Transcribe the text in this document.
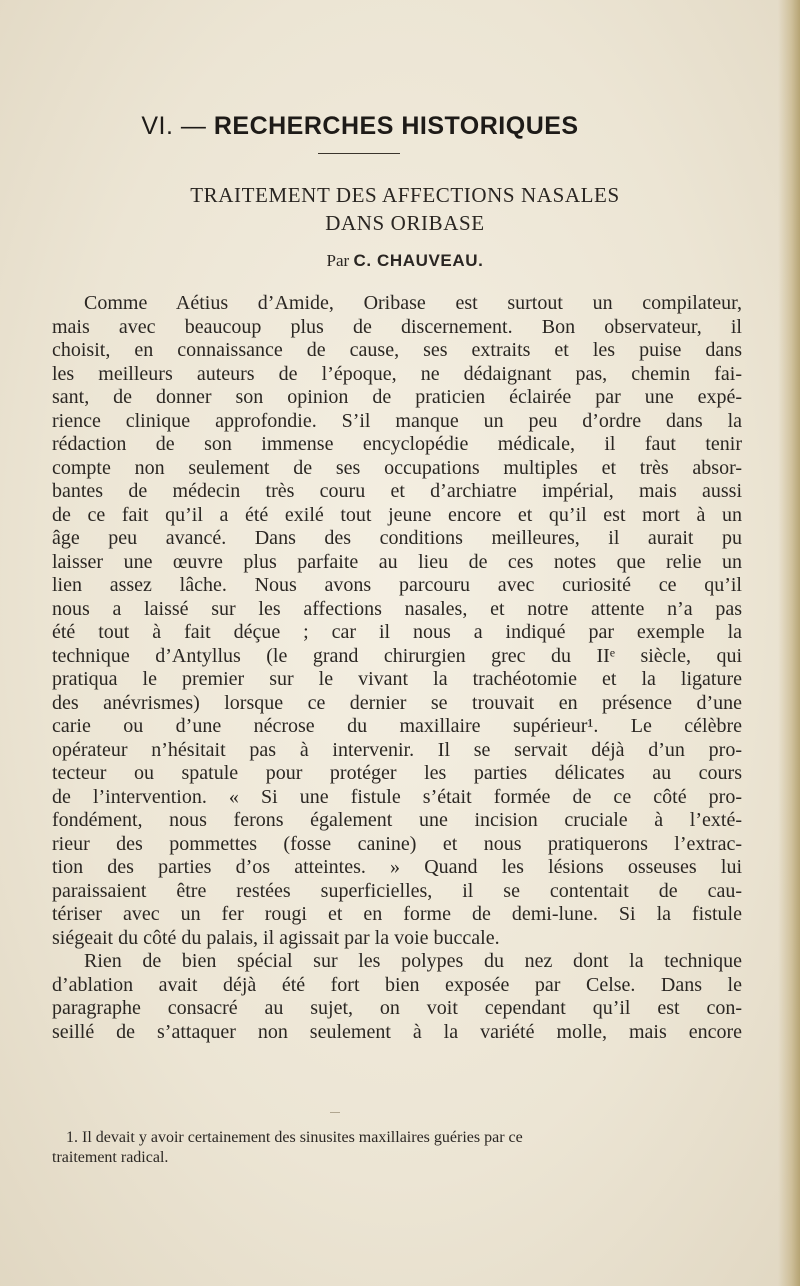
VI. — RECHERCHES HISTORIQUES
TRAITEMENT DES AFFECTIONS NASALES
DANS ORIBASE
Par C. CHAUVEAU.
Comme Aétius d’Amide, Oribase est surtout un compilateur,
mais avec beaucoup plus de discernement. Bon observateur, il
choisit, en connaissance de cause, ses extraits et les puise dans
les meilleurs auteurs de l’époque, ne dédaignant pas, chemin fai-
sant, de donner son opinion de praticien éclairée par une expé-
rience clinique approfondie. S’il manque un peu d’ordre dans la
rédaction de son immense encyclopédie médicale, il faut tenir
compte non seulement de ses occupations multiples et très absor-
bantes de médecin très couru et d’archiatre impérial, mais aussi
de ce fait qu’il a été exilé tout jeune encore et qu’il est mort à un
âge peu avancé. Dans des conditions meilleures, il aurait pu
laisser une œuvre plus parfaite au lieu de ces notes que relie un
lien assez lâche. Nous avons parcouru avec curiosité ce qu’il
nous a laissé sur les affections nasales, et notre attente n’a pas
été tout à fait déçue ; car il nous a indiqué par exemple la
technique d’Antyllus (le grand chirurgien grec du IIᵉ siècle, qui
pratiqua le premier sur le vivant la trachéotomie et la ligature
des anévrismes) lorsque ce dernier se trouvait en présence d’une
carie ou d’une nécrose du maxillaire supérieur¹. Le célèbre
opérateur n’hésitait pas à intervenir. Il se servait déjà d’un pro-
tecteur ou spatule pour protéger les parties délicates au cours
de l’intervention. « Si une fistule s’était formée de ce côté pro-
fondément, nous ferons également une incision cruciale à l’exté-
rieur des pommettes (fosse canine) et nous pratiquerons l’extrac-
tion des parties d’os atteintes. » Quand les lésions osseuses lui
paraissaient être restées superficielles, il se contentait de cau-
tériser avec un fer rougi et en forme de demi-lune. Si la fistule
siégeait du côté du palais, il agissait par la voie buccale.
Rien de bien spécial sur les polypes du nez dont la technique
d’ablation avait déjà été fort bien exposée par Celse. Dans le
paragraphe consacré au sujet, on voit cependant qu’il est con-
seillé de s’attaquer non seulement à la variété molle, mais encore
1. Il devait y avoir certainement des sinusites maxillaires guéries par ce
traitement radical.
